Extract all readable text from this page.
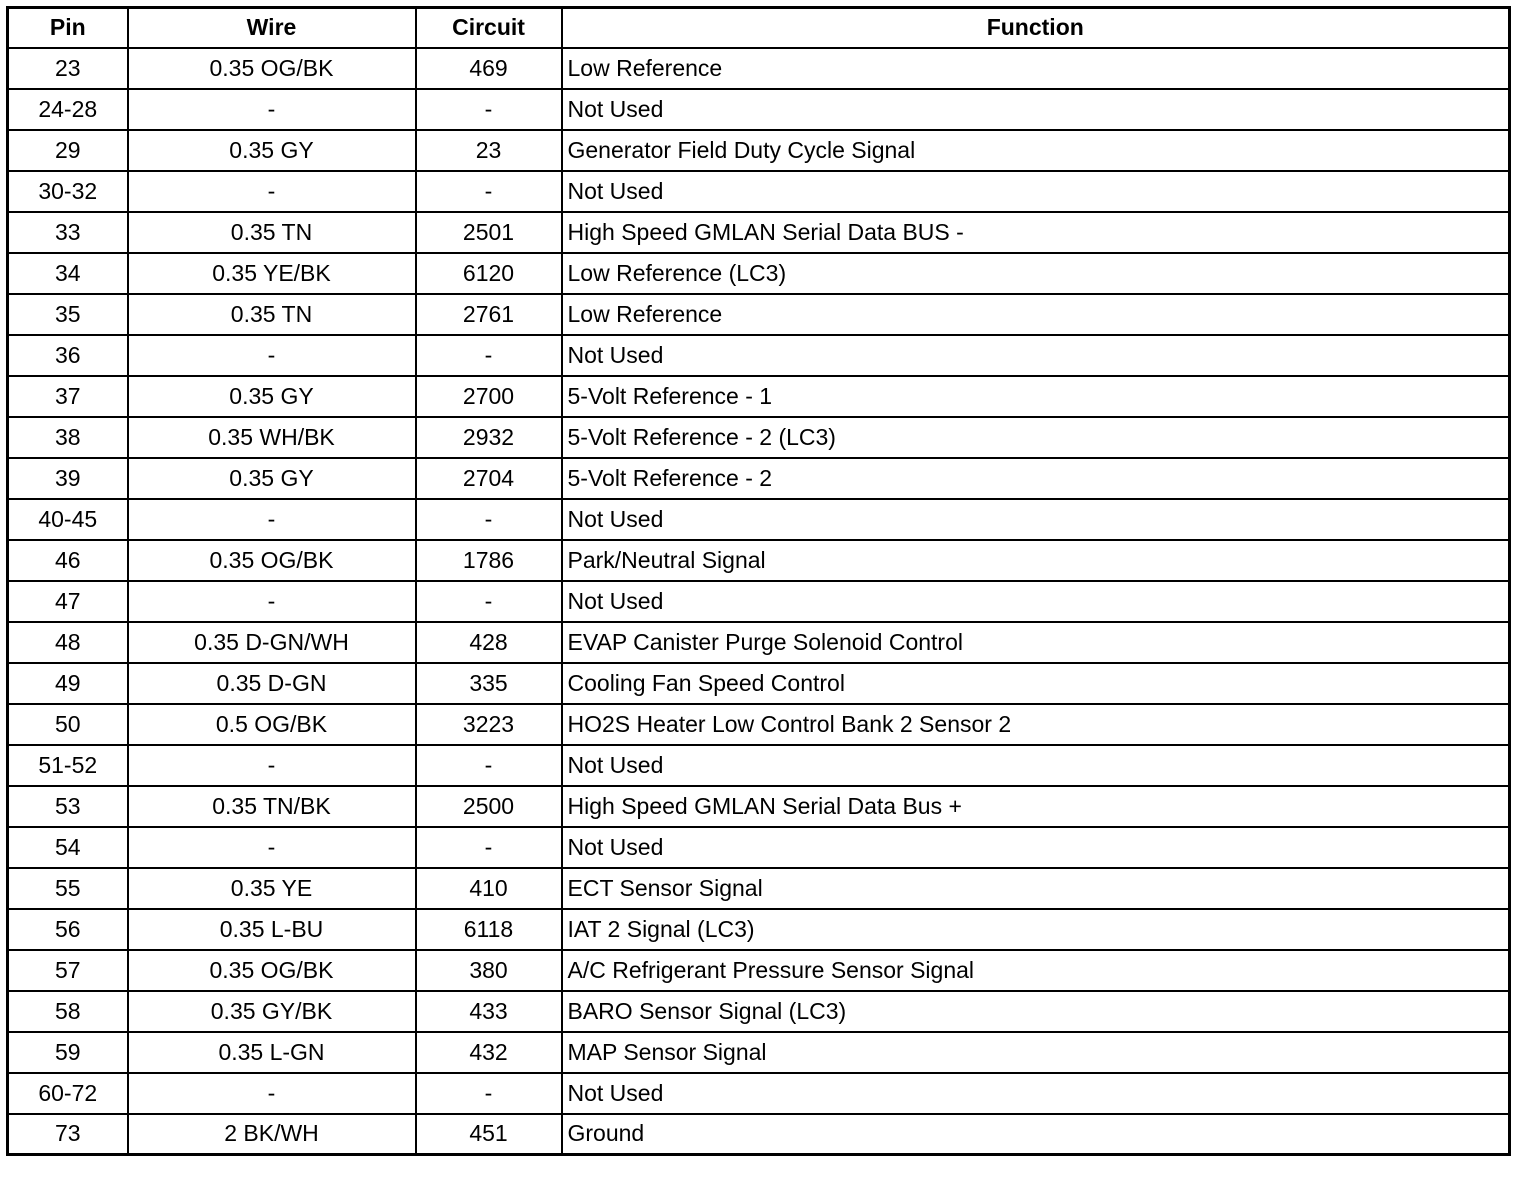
Pin	Wire	Circuit	Function
23	0.35 OG/BK	469	Low Reference
24-28	-	-	Not Used
29	0.35 GY	23	Generator Field Duty Cycle Signal
30-32	-	-	Not Used
33	0.35 TN	2501	High Speed GMLAN Serial Data BUS -
34	0.35 YE/BK	6120	Low Reference (LC3)
35	0.35 TN	2761	Low Reference
36	-	-	Not Used
37	0.35 GY	2700	5-Volt Reference - 1
38	0.35 WH/BK	2932	5-Volt Reference - 2 (LC3)
39	0.35 GY	2704	5-Volt Reference - 2
40-45	-	-	Not Used
46	0.35 OG/BK	1786	Park/Neutral Signal
47	-	-	Not Used
48	0.35 D-GN/WH	428	EVAP Canister Purge Solenoid Control
49	0.35 D-GN	335	Cooling Fan Speed Control
50	0.5 OG/BK	3223	HO2S Heater Low Control Bank 2 Sensor 2
51-52	-	-	Not Used
53	0.35 TN/BK	2500	High Speed GMLAN Serial Data Bus +
54	-	-	Not Used
55	0.35 YE	410	ECT Sensor Signal
56	0.35 L-BU	6118	IAT 2 Signal (LC3)
57	0.35 OG/BK	380	A/C Refrigerant Pressure Sensor Signal
58	0.35 GY/BK	433	BARO Sensor Signal (LC3)
59	0.35 L-GN	432	MAP Sensor Signal
60-72	-	-	Not Used
73	2 BK/WH	451	Ground
